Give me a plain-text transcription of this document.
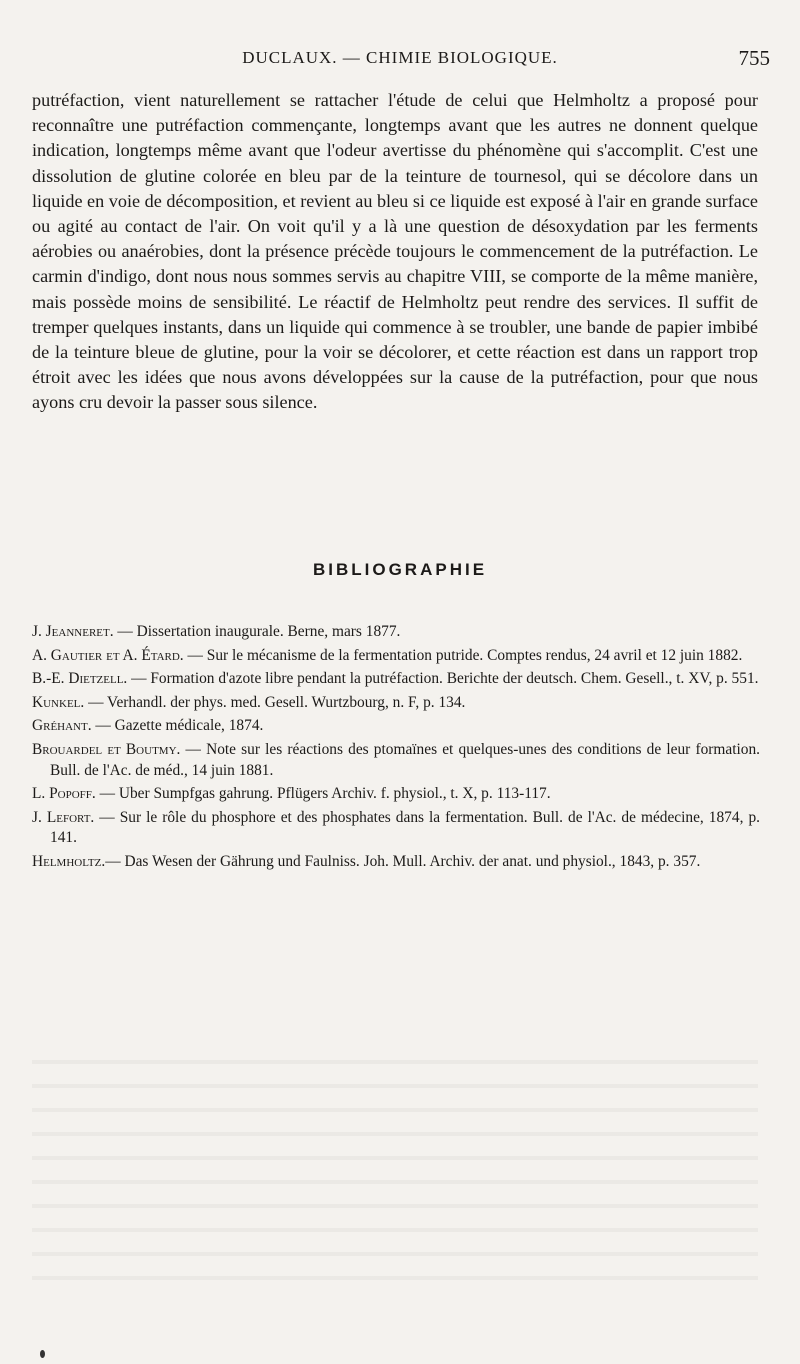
DUCLAUX. — CHIMIE BIOLOGIQUE.	755

putréfaction, vient naturellement se rattacher l'étude de celui que Helmholtz a proposé pour reconnaître une putréfaction commençante, longtemps avant que les autres ne donnent quelque indication, longtemps même avant que l'odeur avertisse du phénomène qui s'accomplit. C'est une dissolution de glutine colorée en bleu par de la teinture de tournesol, qui se décolore dans un liquide en voie de décomposition, et revient au bleu si ce liquide est exposé à l'air en grande surface ou agité au contact de l'air. On voit qu'il y a là une question de désoxydation par les ferments aérobies ou anaérobies, dont la présence précède toujours le commencement de la putréfaction. Le carmin d'indigo, dont nous nous sommes servis au chapitre VIII, se comporte de la même manière, mais possède moins de sensibilité. Le réactif de Helmholtz peut rendre des services. Il suffit de tremper quelques instants, dans un liquide qui commence à se troubler, une bande de papier imbibé de la teinture bleue de glutine, pour la voir se décolorer, et cette réaction est dans un rapport trop étroit avec les idées que nous avons développées sur la cause de la putréfaction, pour que nous ayons cru devoir la passer sous silence.

BIBLIOGRAPHIE

J. Jeanneret. — Dissertation inaugurale. Berne, mars 1877.

A. Gautier et A. Étard. — Sur le mécanisme de la fermentation putride. Comptes rendus, 24 avril et 12 juin 1882.

B.-E. Dietzell. — Formation d'azote libre pendant la putréfaction. Berichte der deutsch. Chem. Gesell., t. XV, p. 551.

Kunkel. — Verhandl. der phys. med. Gesell. Wurtzbourg, n. F, p. 134.

Gréhant. — Gazette médicale, 1874.

Brouardel et Boutmy. — Note sur les réactions des ptomaïnes et quelques-unes des conditions de leur formation. Bull. de l'Ac. de méd., 14 juin 1881.

L. Popoff. — Uber Sumpfgas gahrung. Pflügers Archiv. f. physiol., t. X, p. 113-117.

J. Lefort. — Sur le rôle du phosphore et des phosphates dans la fermentation. Bull. de l'Ac. de médecine, 1874, p. 141.

Helmholtz.— Das Wesen der Gährung und Faulniss. Joh. Mull. Archiv. der anat. und physiol., 1843, p. 357.
